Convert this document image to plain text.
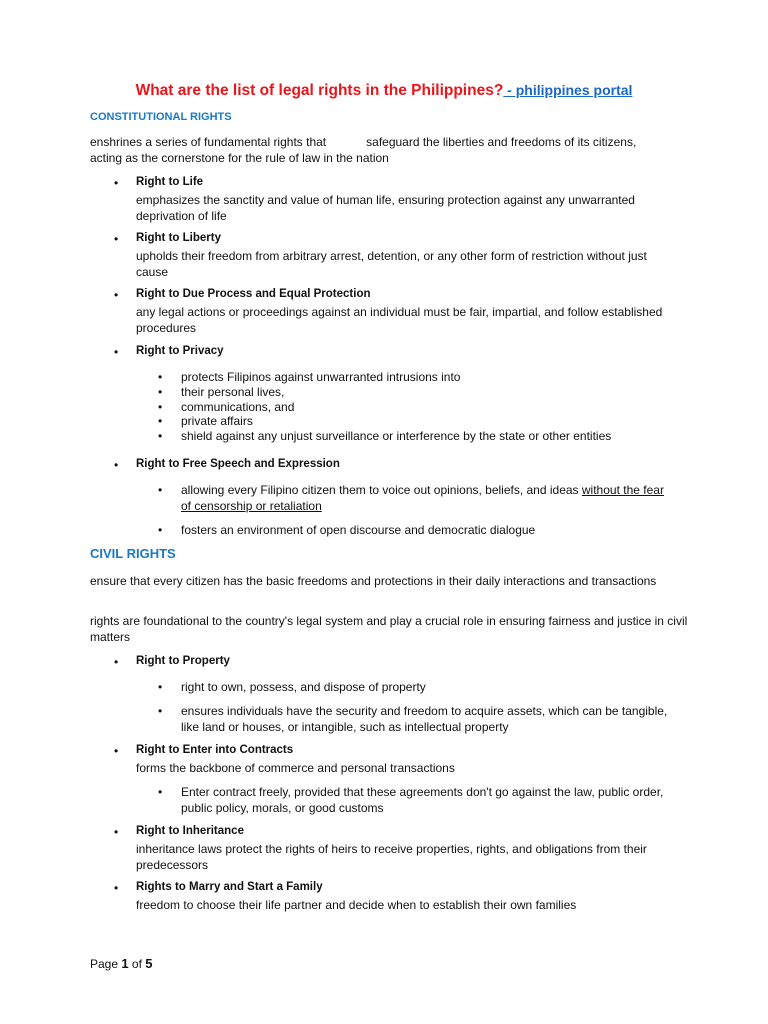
What are the list of legal rights in the Philippines? - philippines portal
CONSTITUTIONAL RIGHTS
enshrines a series of fundamental rights that	safeguard the liberties and freedoms of its citizens,
acting as the cornerstone for the rule of law in the nation
• Right to Life
emphasizes the sanctity and value of human life, ensuring protection against any unwarranted deprivation of life
• Right to Liberty
upholds their freedom from arbitrary arrest, detention, or any other form of restriction without just cause
• Right to Due Process and Equal Protection
any legal actions or proceedings against an individual must be fair, impartial, and follow established procedures
• Right to Privacy
• protects Filipinos against unwarranted intrusions into
• their personal lives,
• communications, and
• private affairs
• shield against any unjust surveillance or interference by the state or other entities
• Right to Free Speech and Expression
• allowing every Filipino citizen them to voice out opinions, beliefs, and ideas without the fear of censorship or retaliation
• fosters an environment of open discourse and democratic dialogue
CIVIL RIGHTS
ensure that every citizen has the basic freedoms and protections in their daily interactions and transactions
rights are foundational to the country's legal system and play a crucial role in ensuring fairness and justice in civil matters
• Right to Property
• right to own, possess, and dispose of property
• ensures individuals have the security and freedom to acquire assets, which can be tangible, like land or houses, or intangible, such as intellectual property
• Right to Enter into Contracts
forms the backbone of commerce and personal transactions
• Enter contract freely, provided that these agreements don't go against the law, public order, public policy, morals, or good customs
• Right to Inheritance
inheritance laws protect the rights of heirs to receive properties, rights, and obligations from their predecessors
• Rights to Marry and Start a Family
freedom to choose their life partner and decide when to establish their own families
Page 1 of 5
